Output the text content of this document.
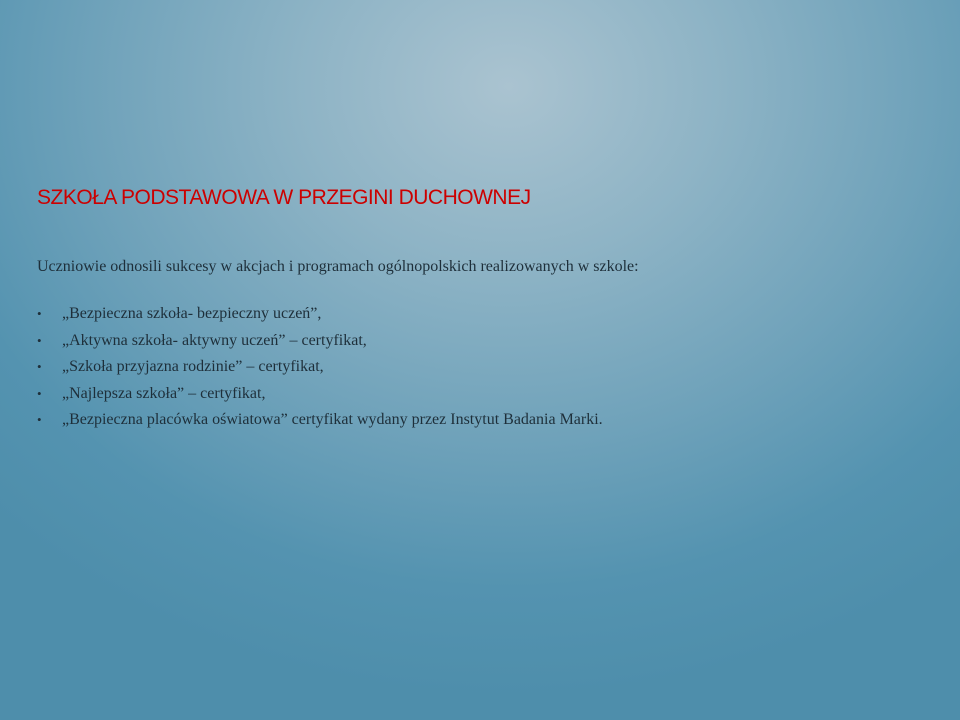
SZKOŁA PODSTAWOWA W PRZEGINI DUCHOWNEJ

Uczniowie odnosili sukcesy w akcjach i programach ogólnopolskich realizowanych w szkole:

• „Bezpieczna szkoła- bezpieczny uczeń”,
• „Aktywna szkoła- aktywny uczeń” – certyfikat,
• „Szkoła przyjazna rodzinie” – certyfikat,
• „Najlepsza szkoła” – certyfikat,
• „Bezpieczna placówka oświatowa” certyfikat wydany przez Instytut Badania Marki.
